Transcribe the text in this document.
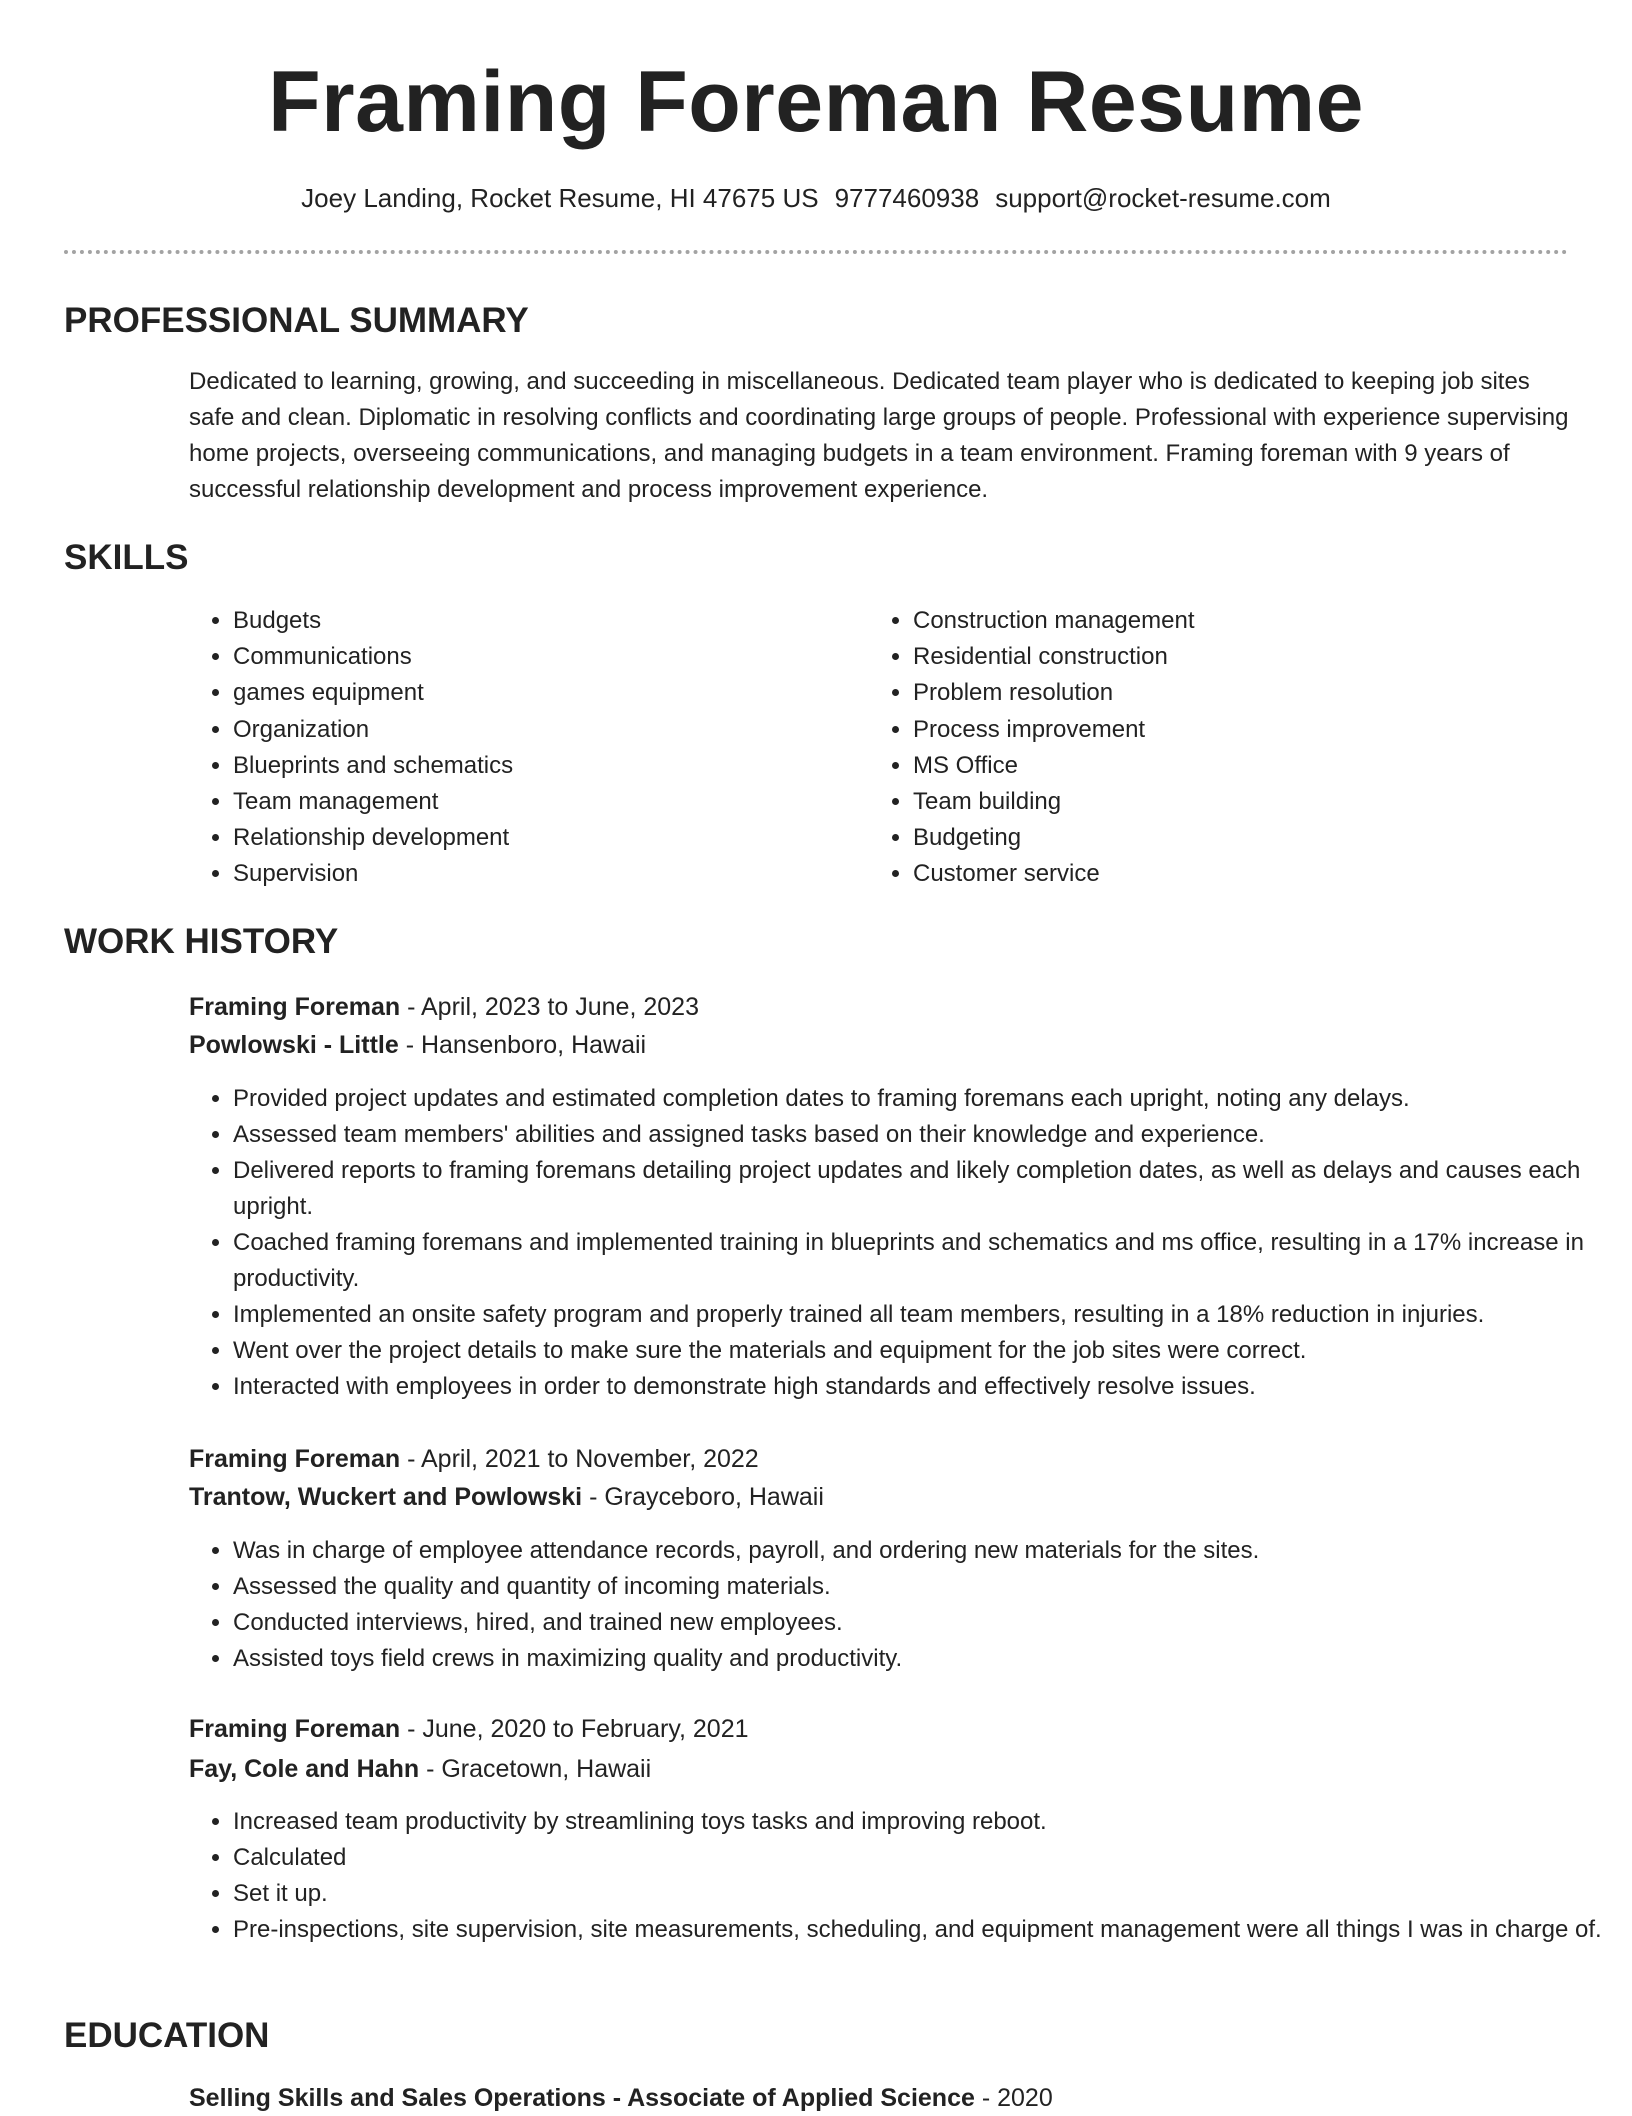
Framing Foreman Resume
Joey Landing, Rocket Resume, HI 47675 US 9777460938 support@rocket-resume.com
PROFESSIONAL SUMMARY

Dedicated to learning, growing, and succeeding in miscellaneous. Dedicated team player who is dedicated to keeping job sites safe and clean. Diplomatic in resolving conflicts and coordinating large groups of people. Professional with experience supervising home projects, overseeing communications, and managing budgets in a team environment. Framing foreman with 9 years of successful relationship development and process improvement experience.

SKILLS
• Budgets
• Communications
• games equipment
• Organization
• Blueprints and schematics
• Team management
• Relationship development
• Supervision
• Construction management
• Residential construction
• Problem resolution
• Process improvement
• MS Office
• Team building
• Budgeting
• Customer service
WORK HISTORY

Framing Foreman - April, 2023 to June, 2023

Powlowski - Little - Hansenboro, Hawaii

• Provided project updates and estimated completion dates to framing foremans each upright, noting any delays.
• Assessed team members' abilities and assigned tasks based on their knowledge and experience.
• Delivered reports to framing foremans detailing project updates and likely completion dates, as well as delays and causes each upright.
• Coached framing foremans and implemented training in blueprints and schematics and ms office, resulting in a 17% increase in productivity.
• Implemented an onsite safety program and properly trained all team members, resulting in a 18% reduction in injuries.
• Went over the project details to make sure the materials and equipment for the job sites were correct.
• Interacted with employees in order to demonstrate high standards and effectively resolve issues.

Framing Foreman - April, 2021 to November, 2022

Trantow, Wuckert and Powlowski - Grayceboro, Hawaii

• Was in charge of employee attendance records, payroll, and ordering new materials for the sites.
• Assessed the quality and quantity of incoming materials.
• Conducted interviews, hired, and trained new employees.
• Assisted toys field crews in maximizing quality and productivity.

Framing Foreman - June, 2020 to February, 2021

Fay, Cole and Hahn - Gracetown, Hawaii

• Increased team productivity by streamlining toys tasks and improving reboot.
• Calculated
• Set it up.
• Pre-inspections, site supervision, site measurements, scheduling, and equipment management were all things I was in charge of.
EDUCATION

Selling Skills and Sales Operations - Associate of Applied Science - 2020
